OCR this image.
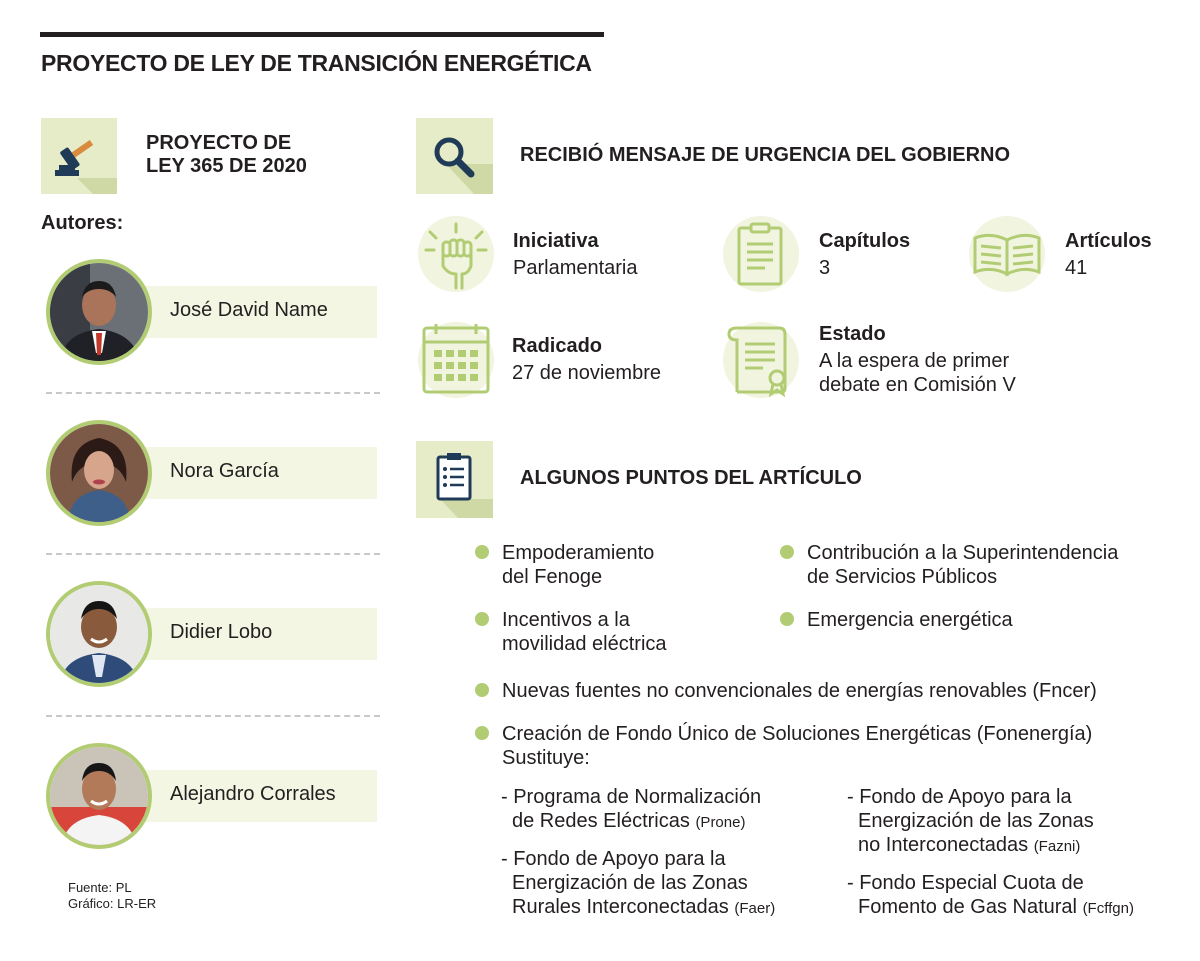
PROYECTO DE LEY DE TRANSICIÓN ENERGÉTICA
PROYECTO DE
LEY 365 DE 2020
Autores:
José David Name
Nora García
Didier Lobo
Alejandro Corrales
Fuente: PL
Gráfico: LR-ER
RECIBIÓ MENSAJE DE URGENCIA DEL GOBIERNO
Iniciativa
Parlamentaria
Capítulos
3
Artículos
41
Radicado
27 de noviembre
Estado
A la espera de primer
debate en Comisión V
ALGUNOS PUNTOS DEL ARTÍCULO
Empoderamiento
del Fenoge
Contribución a la Superintendencia
de Servicios Públicos
Incentivos a la
movilidad eléctrica
Emergencia energética
Nuevas fuentes no convencionales de energías renovables (Fncer)
Creación de Fondo Único de Soluciones Energéticas (Fonenergía)
Sustituye:
- Programa de Normalización
de Redes Eléctricas (Prone)
- Fondo de Apoyo para la
Energización de las Zonas
Rurales Interconectadas (Faer)
- Fondo de Apoyo para la
Energización de las Zonas
no Interconectadas (Fazni)
- Fondo Especial Cuota de
Fomento de Gas Natural (Fcffgn)
